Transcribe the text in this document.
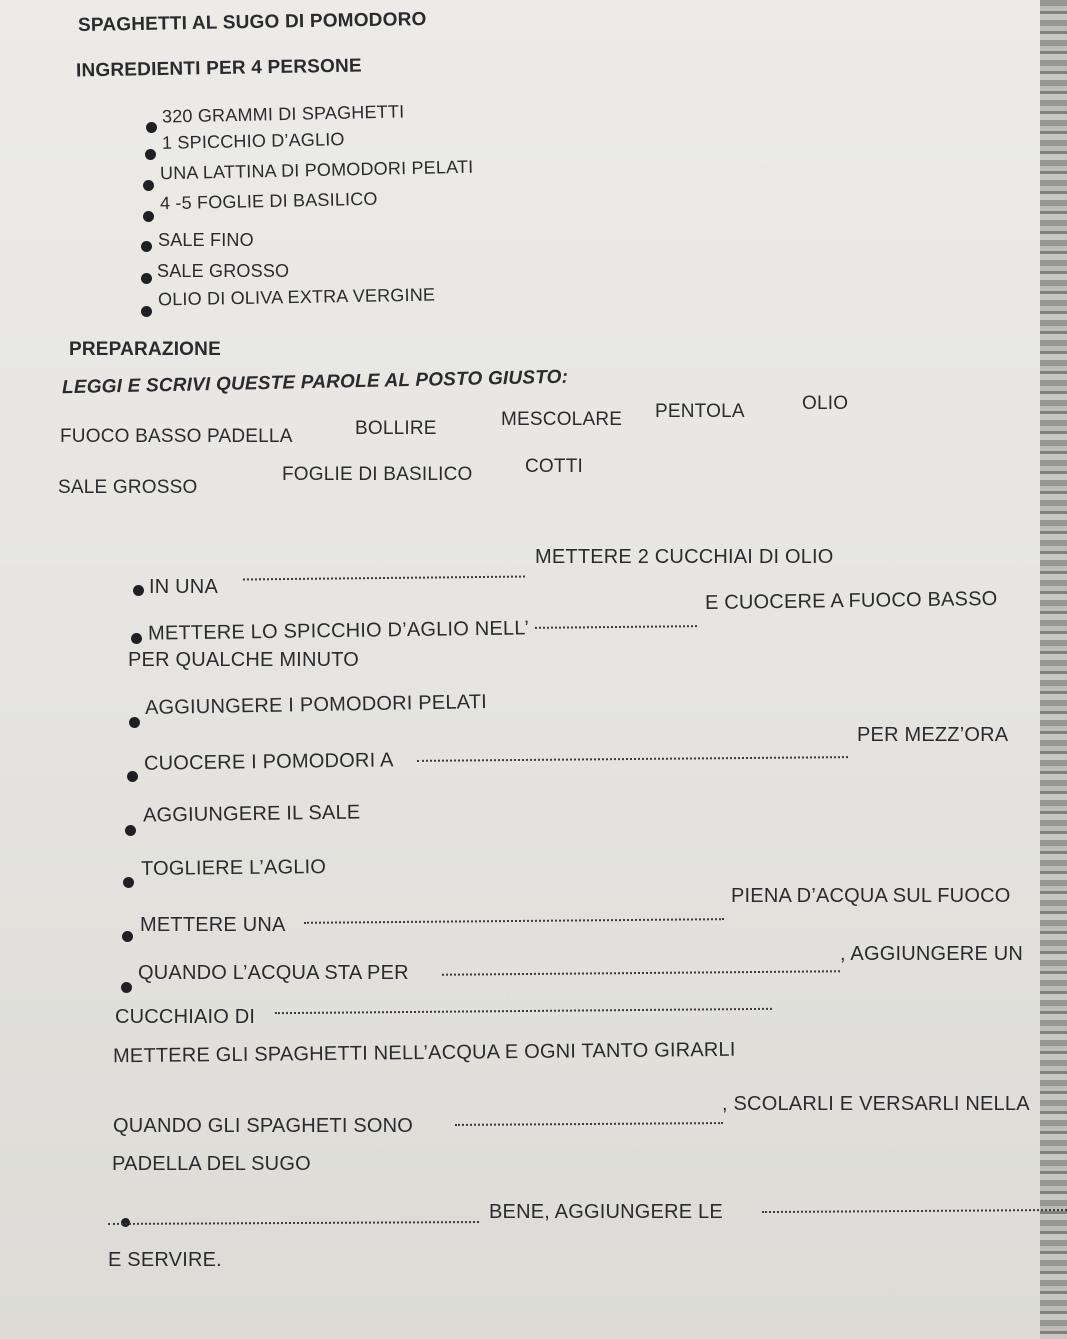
SPAGHETTI AL SUGO DI POMODORO
INGREDIENTI PER 4 PERSONE
320 GRAMMI DI SPAGHETTI
1 SPICCHIO D’AGLIO
UNA LATTINA DI POMODORI PELATI
4 -5 FOGLIE DI BASILICO
SALE FINO
SALE GROSSO
OLIO DI OLIVA EXTRA VERGINE
PREPARAZIONE
LEGGI E SCRIVI QUESTE PAROLE AL POSTO GIUSTO:
FUOCO BASSO PADELLA	BOLLIRE	MESCOLARE PENTOLA	OLIO
SALE GROSSO
FOGLIE DI BASILICO	COTTI
IN UNA
METTERE 2 CUCCHIAI DI OLIO
METTERE LO SPICCHIO D’AGLIO NELL’
E CUOCERE A FUOCO BASSO
PER QUALCHE MINUTO
AGGIUNGERE I POMODORI PELATI
CUOCERE I POMODORI A
PER MEZZ’ORA
AGGIUNGERE IL SALE
TOGLIERE L’AGLIO
METTERE UNA
PIENA D’ACQUA SUL FUOCO
QUANDO L’ACQUA STA PER
, AGGIUNGERE UN
CUCCHIAIO DI
METTERE GLI SPAGHETTI NELL’ACQUA E OGNI TANTO GIRARLI
QUANDO GLI SPAGHETI SONO
, SCOLARLI E VERSARLI NELLA
PADELLA DEL SUGO
BENE, AGGIUNGERE LE
E SERVIRE.
